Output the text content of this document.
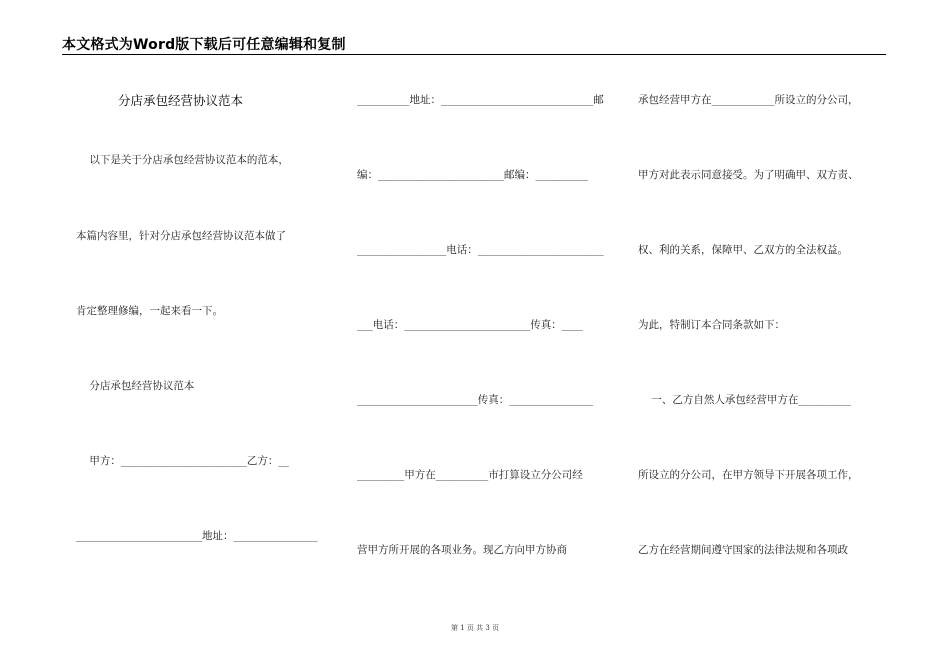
本文格式为Word版下载后可任意编辑和复制
分店承包经营协议范本
以下是关于分店承包经营协议范本的范本，
本篇内容里，针对分店承包经营协议范本做了
肯定整理修编，一起来看一下。
分店承包经营协议范本
甲方：________________________乙方：__
________________________地址：________________
__________地址：_____________________________邮
编：________________________邮编：__________
_________________电话：________________________
___电话：________________________传真：____
_______________________传真：________________
_________甲方在__________市打算设立分公司经
营甲方所开展的各项业务。现乙方向甲方协商
承包经营甲方在____________所设立的分公司，
甲方对此表示同意接受。为了明确甲、双方责、
权、利的关系，保障甲、乙双方的全法权益。
为此，特制订本合同条款如下：
一、乙方自然人承包经营甲方在__________
所设立的分公司，在甲方领导下开展各项工作，
乙方在经营期间遵守国家的法律法规和各项政
第 1 页 共 3 页
